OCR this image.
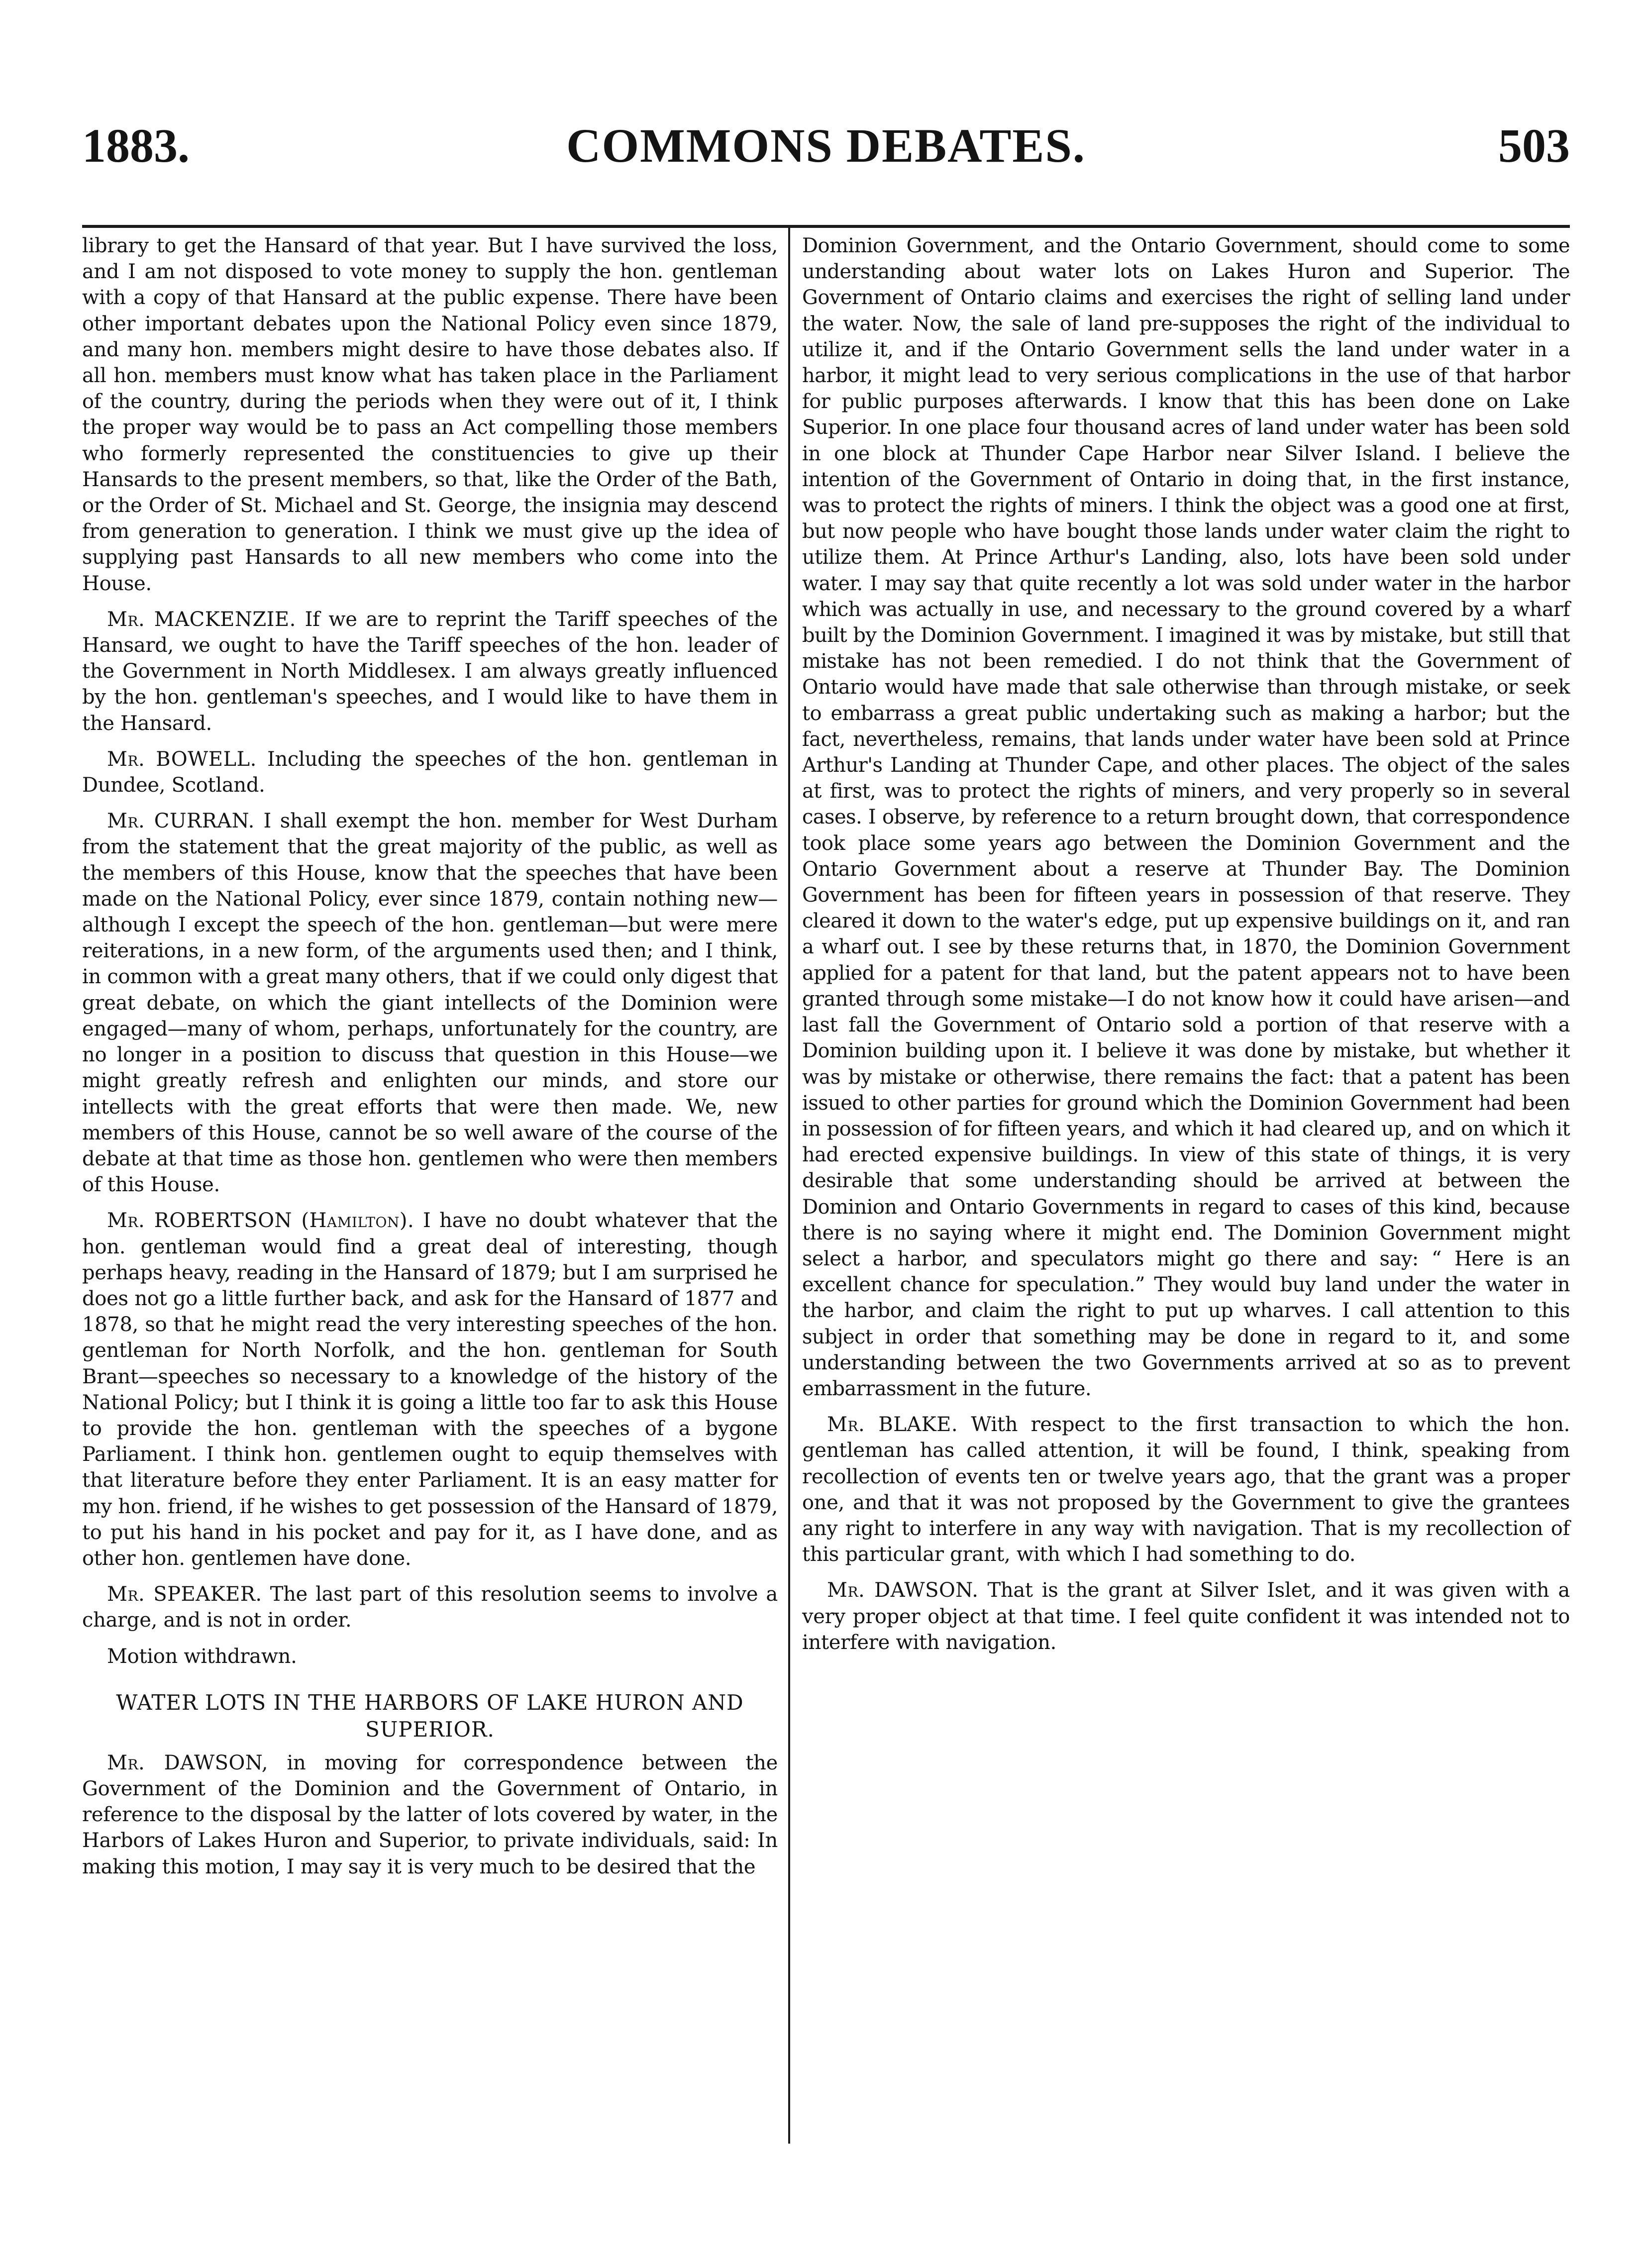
1883.	COMMONS DEBATES.	503

library to get the Hansard of that year. But I have survived the loss, and I am not disposed to vote money to supply the hon. gentleman with a copy of that Hansard at the public expense. There have been other important debates upon the National Policy even since 1879, and many hon. members might desire to have those debates also. If all hon. members must know what has taken place in the Parliament of the country, during the periods when they were out of it, I think the proper way would be to pass an Act compelling those members who formerly represented the constituencies to give up their Hansards to the present members, so that, like the Order of the Bath, or the Order of St. Michael and St. George, the insignia may descend from generation to generation. I think we must give up the idea of supplying past Hansards to all new members who come into the House.

Mr. MACKENZIE. If we are to reprint the Tariff speeches of the Hansard, we ought to have the Tariff speeches of the hon. leader of the Government in North Middlesex. I am always greatly influenced by the hon. gentleman's speeches, and I would like to have them in the Hansard.

Mr. BOWELL. Including the speeches of the hon. gentleman in Dundee, Scotland.

Mr. CURRAN. I shall exempt the hon. member for West Durham from the statement that the great majority of the public, as well as the members of this House, know that the speeches that have been made on the National Policy, ever since 1879, contain nothing new—although I except the speech of the hon. gentleman—but were mere reiterations, in a new form, of the arguments used then; and I think, in common with a great many others, that if we could only digest that great debate, on which the giant intellects of the Dominion were engaged—many of whom, perhaps, unfortunately for the country, are no longer in a position to discuss that question in this House—we might greatly refresh and enlighten our minds, and store our intellects with the great efforts that were then made. We, new members of this House, cannot be so well aware of the course of the debate at that time as those hon. gentlemen who were then members of this House.

Mr. ROBERTSON (Hamilton). I have no doubt whatever that the hon. gentleman would find a great deal of interesting, though perhaps heavy, reading in the Hansard of 1879; but I am surprised he does not go a little further back, and ask for the Hansard of 1877 and 1878, so that he might read the very interesting speeches of the hon. gentleman for North Norfolk, and the hon. gentleman for South Brant—speeches so necessary to a knowledge of the history of the National Policy; but I think it is going a little too far to ask this House to provide the hon. gentleman with the speeches of a bygone Parliament. I think hon. gentlemen ought to equip themselves with that literature before they enter Parliament. It is an easy matter for my hon. friend, if he wishes to get possession of the Hansard of 1879, to put his hand in his pocket and pay for it, as I have done, and as other hon. gentlemen have done.

Mr. SPEAKER. The last part of this resolution seems to involve a charge, and is not in order.

Motion withdrawn.

WATER LOTS IN THE HARBORS OF LAKE HURON AND SUPERIOR.

Mr. DAWSON, in moving for correspondence between the Government of the Dominion and the Government of Ontario, in reference to the disposal by the latter of lots covered by water, in the Harbors of Lakes Huron and Superior, to private individuals, said: In making this motion, I may say it is very much to be desired that the

Dominion Government, and the Ontario Government, should come to some understanding about water lots on Lakes Huron and Superior. The Government of Ontario claims and exercises the right of selling land under the water. Now, the sale of land pre-supposes the right of the individual to utilize it, and if the Ontario Government sells the land under water in a harbor, it might lead to very serious complications in the use of that harbor for public purposes afterwards. I know that this has been done on Lake Superior. In one place four thousand acres of land under water has been sold in one block at Thunder Cape Harbor near Silver Island. I believe the intention of the Government of Ontario in doing that, in the first instance, was to protect the rights of miners. I think the object was a good one at first, but now people who have bought those lands under water claim the right to utilize them. At Prince Arthur's Landing, also, lots have been sold under water. I may say that quite recently a lot was sold under water in the harbor which was actually in use, and necessary to the ground covered by a wharf built by the Dominion Government. I imagined it was by mistake, but still that mistake has not been remedied. I do not think that the Government of Ontario would have made that sale otherwise than through mistake, or seek to embarrass a great public undertaking such as making a harbor; but the fact, nevertheless, remains, that lands under water have been sold at Prince Arthur's Landing at Thunder Cape, and other places. The object of the sales at first, was to protect the rights of miners, and very properly so in several cases. I observe, by reference to a return brought down, that correspondence took place some years ago between the Dominion Government and the Ontario Government about a reserve at Thunder Bay. The Dominion Government has been for fifteen years in possession of that reserve. They cleared it down to the water's edge, put up expensive buildings on it, and ran a wharf out. I see by these returns that, in 1870, the Dominion Government applied for a patent for that land, but the patent appears not to have been granted through some mistake—I do not know how it could have arisen—and last fall the Government of Ontario sold a portion of that reserve with a Dominion building upon it. I believe it was done by mistake, but whether it was by mistake or otherwise, there remains the fact: that a patent has been issued to other parties for ground which the Dominion Government had been in possession of for fifteen years, and which it had cleared up, and on which it had erected expensive buildings. In view of this state of things, it is very desirable that some understanding should be arrived at between the Dominion and Ontario Governments in regard to cases of this kind, because there is no saying where it might end. The Dominion Government might select a harbor, and speculators might go there and say: “ Here is an excellent chance for speculation.” They would buy land under the water in the harbor, and claim the right to put up wharves. I call attention to this subject in order that something may be done in regard to it, and some understanding between the two Governments arrived at so as to prevent embarrassment in the future.

Mr. BLAKE. With respect to the first transaction to which the hon. gentleman has called attention, it will be found, I think, speaking from recollection of events ten or twelve years ago, that the grant was a proper one, and that it was not proposed by the Government to give the grantees any right to interfere in any way with navigation. That is my recollection of this particular grant, with which I had something to do.

Mr. DAWSON. That is the grant at Silver Islet, and it was given with a very proper object at that time. I feel quite confident it was intended not to interfere with navigation.
